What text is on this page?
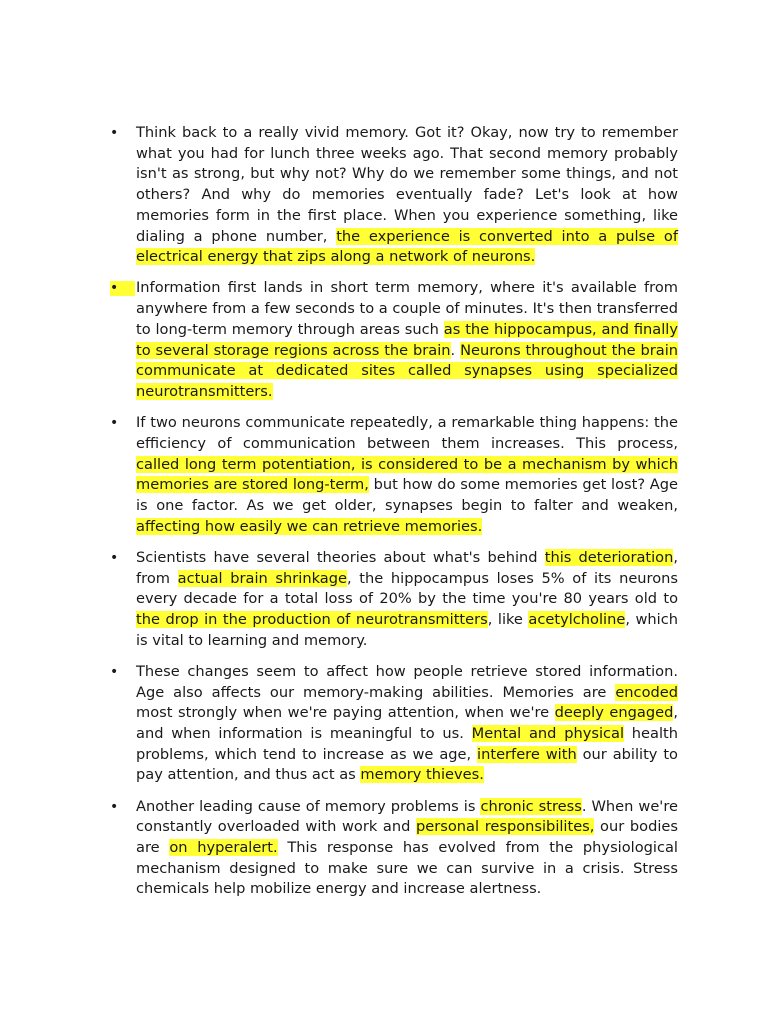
•	Think back to a really vivid memory. Got it? Okay, now try to remember what you had for lunch three weeks ago. That second memory probably isn't as strong, but why not? Why do we remember some things, and not others? And why do memories eventually fade? Let's look at how memories form in the first place. When you experience something, like dialing a phone number, the experience is converted into a pulse of electrical energy that zips along a network of neurons.

•	Information first lands in short term memory, where it's available from anywhere from a few seconds to a couple of minutes. It's then transferred to long-term memory through areas such as the hippocampus, and finally to several storage regions across the brain. Neurons throughout the brain communicate at dedicated sites called synapses using specialized neurotransmitters.

•	If two neurons communicate repeatedly, a remarkable thing happens: the efficiency of communication between them increases. This process, called long term potentiation, is considered to be a mechanism by which memories are stored long-term, but how do some memories get lost? Age is one factor. As we get older, synapses begin to falter and weaken, affecting how easily we can retrieve memories.

•	Scientists have several theories about what's behind this deterioration, from actual brain shrinkage, the hippocampus loses 5% of its neurons every decade for a total loss of 20% by the time you're 80 years old to the drop in the production of neurotransmitters, like acetylcholine, which is vital to learning and memory.

•	These changes seem to affect how people retrieve stored information. Age also affects our memory-making abilities. Memories are encoded most strongly when we're paying attention, when we're deeply engaged, and when information is meaningful to us. Mental and physical health problems, which tend to increase as we age, interfere with our ability to pay attention, and thus act as memory thieves.

•	Another leading cause of memory problems is chronic stress. When we're constantly overloaded with work and personal responsibilites, our bodies are on hyperalert. This response has evolved from the physiological mechanism designed to make sure we can survive in a crisis. Stress chemicals help mobilize energy and increase alertness.
